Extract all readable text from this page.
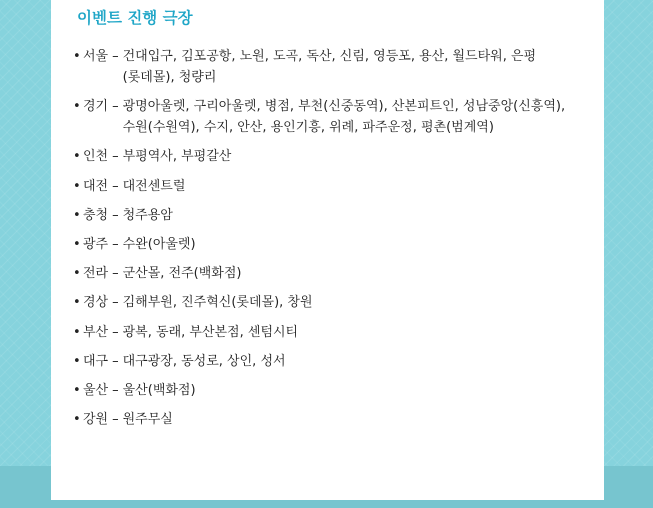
이벤트 진행 극장
• 서울 – 건대입구, 김포공항, 노원, 도곡, 독산, 신림, 영등포, 용산, 월드타워, 은평(롯데몰), 청량리
• 경기 – 광명아울렛, 구리아울렛, 병점, 부천(신중동역), 산본피트인, 성남중앙(신흥역), 수원(수원역), 수지, 안산, 용인기흥, 위례, 파주운정, 평촌(범계역)
• 인천 – 부평역사, 부평갈산
• 대전 – 대전센트럴
• 충청 – 청주용암
• 광주 – 수완(아울렛)
• 전라 – 군산몰, 전주(백화점)
• 경상 – 김해부원, 진주혁신(롯데몰), 창원
• 부산 – 광복, 동래, 부산본점, 센텀시티
• 대구 – 대구광장, 동성로, 상인, 성서
• 울산 – 울산(백화점)
• 강원 – 원주무실
